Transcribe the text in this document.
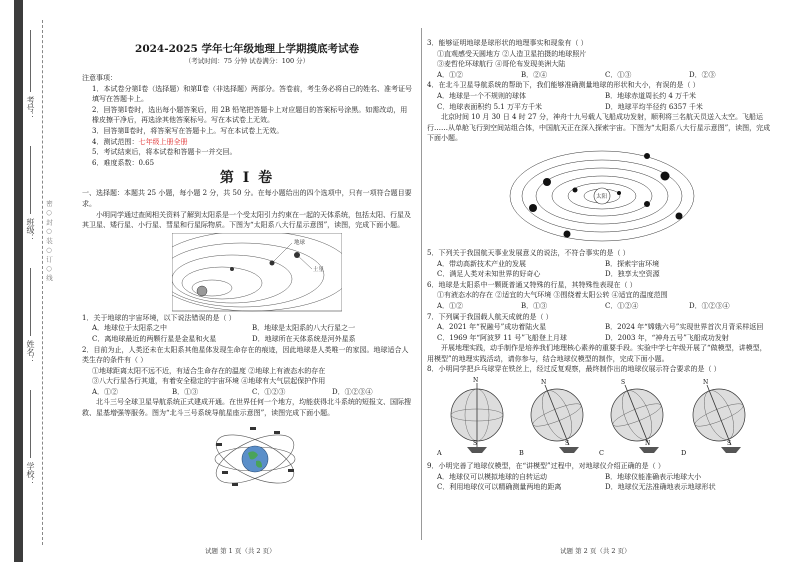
学校：
姓名：
班级：
考号：
密 ○ 封 ○ 装 ○ 订 ○ 线

2024-2025 学年七年级地理上学期摸底考试卷

（考试时间：75 分钟 试卷满分：100 分）

注意事项：

1．本试卷分第Ⅰ卷（选择题）和第Ⅱ卷（非选择题）两部分。答卷前，考生务必将自己的姓名、准考证号填写在答题卡上。

2．回答第Ⅰ卷时，选出每小题答案后，用 2B 铅笔把答题卡上对应题目的答案标号涂黑。如需改动，用橡皮擦干净后，再选涂其他答案标号。写在本试卷上无效。

3．回答第Ⅱ卷时，将答案写在答题卡上。写在本试卷上无效。

4．测试范围：七年级上册全册

5．考试结束后，将本试卷和答题卡一并交回。

6．难度系数：0.65

第 I 卷

一、选择题：本题共 25 小题，每小题 2 分，共 50 分。在每小题给出的四个选项中，只有一项符合题目要求。

小明同学通过查阅相关资料了解到太阳系是一个受太阳引力约束在一起的天体系统，包括太阳、行星及其卫星、矮行星、小行星、彗星和行星际物质。下图为“太阳系八大行星示意图”，读图，完成下面小题。

地球
土星

1．关于地球的宇宙环境，以下说法错误的是（ ）

A．地球位于太阳系之中	B．地球是太阳系的八大行星之一

C．离地球最近的两颗行星是金星和火星	D．地球所在天体系统是河外星系

2．目前为止，人类还未在太阳系其他星体发现生命存在的痕迹，因此地球是人类唯一的家园。地球适合人类生存的条件有（ ）

①地球距离太阳不远不近，有适合生命存在的温度 ②地球上有液态水的存在

③八大行星各行其道，有着安全稳定的宇宙环境 ④地球有大气层起保护作用

A．①②	B．①③	C．①②③	D．①②③④

北斗三号全球卫星导航系统正式建成开通。在世界任何一个地方，均能获得北斗系统的短报文、国际搜救、星基增强等服务。图为“北斗三号系统导航星座示意图”，读图完成下面小题。

试题 第 1 页（共 2 页）

3．能够证明地球是球形状的地理事实和现象有（ ）

①直观感受天圆地方 ②人造卫星拍摄的地球照片

③麦哲伦环球航行 ④哥伦布发现美洲大陆

A．①②	B．②④	C．①③	D．②③

4．在北斗卫星导航系统的帮助下，我们能够准确测量地球的形状和大小，有误的是（ ）

A．地球是一个不规则的球体	B．地球赤道周长约 4 万千米

C．地球表面积约 5.1 万平方千米	D．地球平均半径约 6357 千米

北京时间 10 月 30 日 4 时 27 分，神舟十九号载人飞船成功发射，顺利将三名航天员送入太空。飞船运

行……从单舱飞行到空间站组合体，中国航天正在深入探索宇宙。下图为“太阳系八大行星示意图”，读图，完成下面小题。

太阳

5．下列关于我国航天事业发展意义的说法，不符合事实的是（ ）

A．带动高新技术产业的发展	B．探索宇宙环境

C．满足人类对未知世界的好奇心	D．独享太空资源

6．地球是太阳系中一颗既普通又特殊的行星，其特殊性表现在（ ）

①有液态水的存在 ②适宜的大气环境 ③围绕着太阳公转 ④适宜的温度范围

A．①②	B．①③	C．①②④	D．①②③④

7．下列属于我国载人航天成就的是（ ）

A．2021 年“祝融号”成功着陆火星	B．2024 年“嫦娥六号”实现世界首次月背采样返回

C．1969 年“阿波罗 11 号”飞船登上月球	D．2003 年，“神舟五号”飞船成功发射

开展地理实践，动手制作是培养我们地理核心素养的重要手段。实验中学七年级开展了“做模型，讲模型，用模型”的地理实践活动，请你参与，结合地球仪模型的制作，完成下面小题。

8．小明同学把乒乓球穿在铁丝上，经过反复观察，最终制作出的地球仪展示符合要求的是（ ）

N
S
A
N
S
B
S
N
C
N
S
D

9．小明完善了地球仪模型，在“讲模型”过程中，对地球仪介绍正确的是（ ）

A．地球仪可以模拟地球的自转运动	B．地球仪能准确表示地球大小

C．利用地球仪可以精确测量两地的距离	D．地球仪无法准确地表示地球形状

试题 第 2 页（共 2 页）
